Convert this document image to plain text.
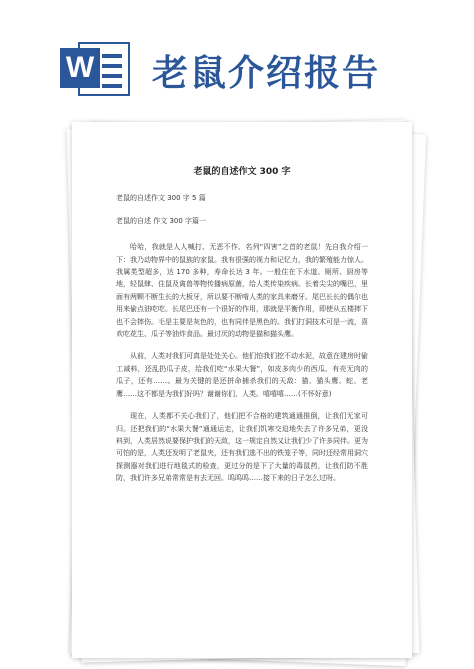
W 老鼠介绍报告
老鼠的自述作文 300 字
老鼠的自述作文 300 字 5 篇
老鼠的自述 作文 300 字篇一

哈哈，我就是人人喊打、无恶不作、名列“四害”之首的老鼠！先自我介绍一下：我乃动物界中的鼠族的家鼠。我有很强的视力和记忆力，我的繁殖能力惊人。我属类型超多，达 170 多种，寿命长达 3 年。一般住在下水道、厕所、厨房等地，轻鼠肆、住鼠及禽兽等物传播病原菌，给人类传染疾病。长着尖尖的嘴巴，里面有两颗不断生长的大板牙，所以要不断啃人类的家具来磨牙。尾巴长长的偶尔也用来偷点油吃吃。长尾巴还有一个很好的作用，那就是平衡作用，即使从五楼摔下也不会摔伤。毛是主要是灰色的，也有同伴是黑色的。我们打洞技术可是一流，喜欢吃花生、瓜子等油炸食品。最讨厌的动物是猫和猫头鹰。

从前，人类对我们可真是处处关心。他们怕我们挖不动水泥，故意在建房时偷工减料，还乱扔瓜子皮，给我们吃“水果大餐”，如皮多肉少的西瓜、有壳无肉的瓜子，还有……。最为关键的是还拼命捕杀我们的天敌：猫、猫头鹰、蛇、老鹰……这不都是为我们好吗？谢谢你们，人类。嘻嘻嘻……(不怀好意)

现在，人类都不关心我们了，他们把不合格的建筑通通推倒，让我们无家可归。还把我们的“水果大餐”通通运走，让我们饥寒交迫地失去了许多兄弟，更没料到，人类居然说要保护我们的天敌，这一规定自然又让我们少了许多同伴。更为可怕的是，人类还发明了老鼠夹，还有我们逃不出的铁笼子等，同时还经常用洞穴探测器对我们进行地毯式的检查，更过分的是下了大量的毒鼠药，让我们防不胜防，我们许多兄弟常常是有去无回。呜呜呜……接下来的日子怎么过呀。
